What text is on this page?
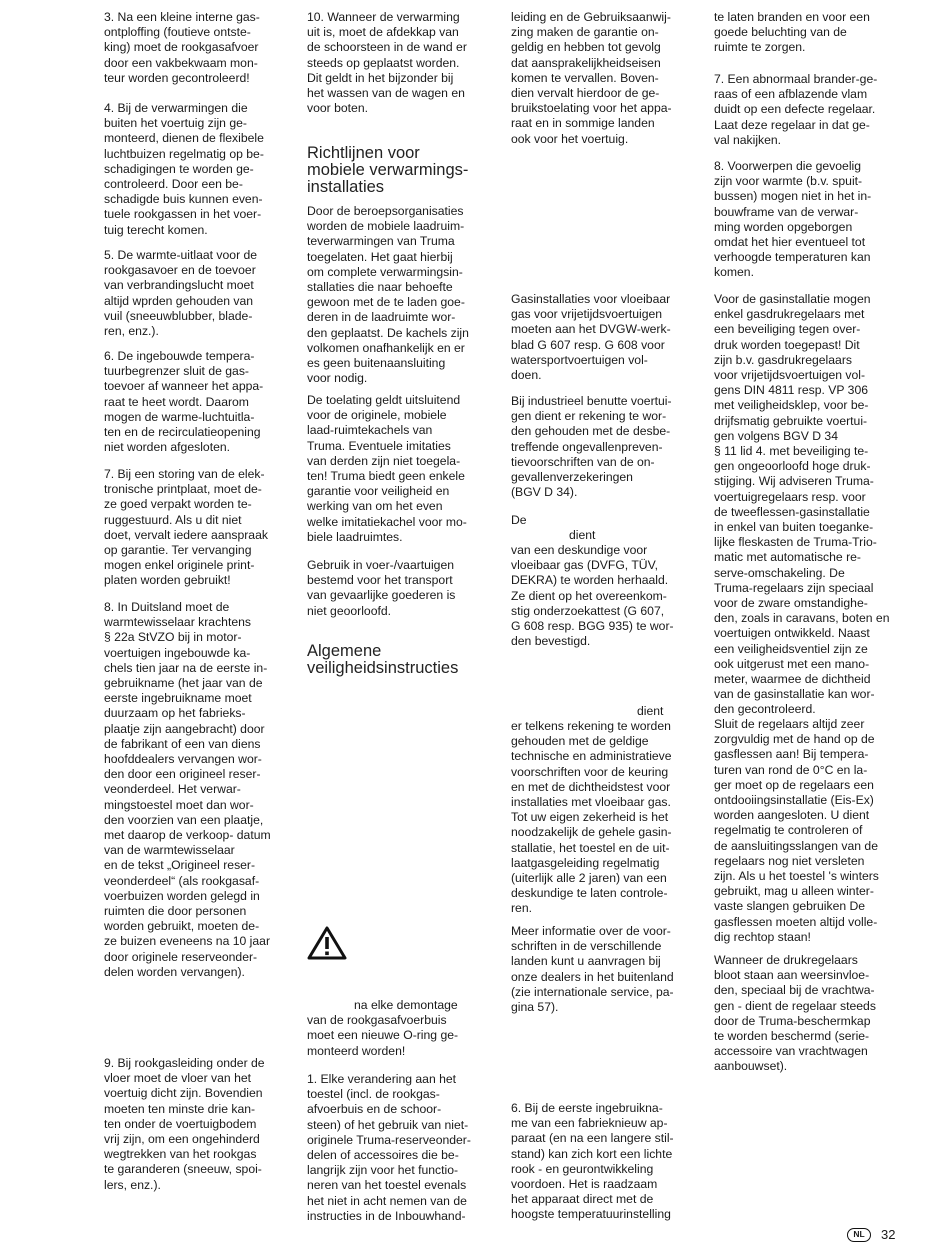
3. Na een kleine interne gas-
ontploffing (foutieve ontste-
king) moet de rookgasafvoer
door een vakbekwaam mon-
teur worden gecontroleerd!

4. Bij de verwarmingen die
buiten het voertuig zijn ge-
monteerd, dienen de flexibele
luchtbuizen regelmatig op be-
schadigingen te worden ge-
controleerd. Door een be-
schadigde buis kunnen even-
tuele rookgassen in het voer-
tuig terecht komen.

5. De warmte-uitlaat voor de
rookgasavoer en de toevoer
van verbrandingslucht moet
altijd wprden gehouden van
vuil (sneeuwblubber, blade-
ren, enz.).

6. De ingebouwde tempera-
tuurbegrenzer sluit de gas-
toevoer af wanneer het appa-
raat te heet wordt. Daarom
mogen de warme-luchtuitla-
ten en de recirculatieopening
niet worden afgesloten.

7. Bij een storing van de elek-
tronische printplaat, moet de-
ze goed verpakt worden te-
ruggestuurd. Als u dit niet
doet, vervalt iedere aanspraak
op garantie. Ter vervanging
mogen enkel originele print-
platen worden gebruikt!

8. In Duitsland moet de
warmtewisselaar krachtens
§ 22a StVZO bij in motor-
voertuigen ingebouwde ka-
chels tien jaar na de eerste in-
gebruikname (het jaar van de
eerste ingebruikname moet
duurzaam op het fabrieks-
plaatje zijn aangebracht) door
de fabrikant of een van diens
hoofddealers vervangen wor-
den door een origineel reser-
veonderdeel. Het verwar-
mingstoestel moet dan wor-
den voorzien van een plaatje,
met daarop de verkoop- datum
van de warmtewisselaar
en de tekst „Origineel reser-
veonderdeel“ (als rookgasaf-
voerbuizen worden gelegd in
ruimten die door personen
worden gebruikt, moeten de-
ze buizen eveneens na 10 jaar
door originele reserveonder-
delen worden vervangen).

9. Bij rookgasleiding onder de
vloer moet de vloer van het
voertuig dicht zijn. Bovendien
moeten ten minste drie kan-
ten onder de voertuigbodem
vrij zijn, om een ongehinderd
wegtrekken van het rookgas
te garanderen (sneeuw, spoi-
lers, enz.).

10. Wanneer de verwarming
uit is, moet de afdekkap van
de schoorsteen in de wand er
steeds op geplaatst worden.
Dit geldt in het bijzonder bij
het wassen van de wagen en
voor boten.

Richtlijnen voor
mobiele verwarmings-
installaties

Door de beroepsorganisaties
worden de mobiele laadruim-
teverwarmingen van Truma
toegelaten. Het gaat hierbij
om complete verwarmingsin-
stallaties die naar behoefte
gewoon met de te laden goe-
deren in de laadruimte wor-
den geplaatst. De kachels zijn
volkomen onafhankelijk en er
es geen buitenaansluiting
voor nodig.

De toelating geldt uitsluitend
voor de originele, mobiele
laad-ruimtekachels van
Truma. Eventuele imitaties
van derden zijn niet toegela-
ten! Truma biedt geen enkele
garantie voor veiligheid en
werking van om het even
welke imitatiekachel voor mo-
biele laadruimtes.

Gebruik in voer-/vaartuigen
bestemd voor het transport
van gevaarlijke goederen is
niet geoorloofd.

Algemene
veiligheidsinstructies

na elke demontage
van de rookgasafvoerbuis
moet een nieuwe O-ring ge-
monteerd worden!

1. Elke verandering aan het
toestel (incl. de rookgas-
afvoerbuis en de schoor-
steen) of het gebruik van niet-
originele Truma-reserveonder-
delen of accessoires die be-
langrijk zijn voor het functio-
neren van het toestel evenals
het niet in acht nemen van de
instructies in de Inbouwhand-

leiding en de Gebruiksaanwij-
zing maken de garantie on-
geldig en hebben tot gevolg
dat aansprakelijkheidseisen
komen te vervallen. Boven-
dien vervalt hierdoor de ge-
bruikstoelating voor het appa-
raat en in sommige landen
ook voor het voertuig.

Gasinstallaties voor vloeibaar
gas voor vrijetijdsvoertuigen
moeten aan het DVGW-werk-
blad G 607 resp. G 608 voor
watersportvoertuigen vol-
doen.

Bij industrieel benutte voertui-
gen dient er rekening te wor-
den gehouden met de desbe-
treffende ongevallenpreven-
tievoorschriften van de on-
gevallenverzekeringen
(BGV D 34).

De

dient

van een deskundige voor
vloeibaar gas (DVFG, TÜV,
DEKRA) te worden herhaald.
Ze dient op het overeenkom-
stig onderzoekattest (G 607,
G 608 resp. BGG 935) te wor-
den bevestigd.

dient

er telkens rekening te worden
gehouden met de geldige
technische en administratieve
voorschriften voor de keuring
en met de dichtheidstest voor
installaties met vloeibaar gas.
Tot uw eigen zekerheid is het
noodzakelijk de gehele gasin-
stallatie, het toestel en de uit-
laatgasgeleiding regelmatig
(uiterlijk alle 2 jaren) van een
deskundige te laten controle-
ren.

Meer informatie over de voor-
schriften in de verschillende
landen kunt u aanvragen bij
onze dealers in het buitenland
(zie internationale service, pa-
gina 57).

6. Bij de eerste ingebruikna-
me van een fabrieknieuw ap-
paraat (en na een langere stil-
stand) kan zich kort een lichte
rook - en geurontwikkeling
voordoen. Het is raadzaam
het apparaat direct met de
hoogste temperatuurinstelling

te laten branden en voor een
goede beluchting van de
ruimte te zorgen.

7. Een abnormaal brander-ge-
raas of een afblazende vlam
duidt op een defecte regelaar.
Laat deze regelaar in dat ge-
val nakijken.

8. Voorwerpen die gevoelig
zijn voor warmte (b.v. spuit-
bussen) mogen niet in het in-
bouwframe van de verwar-
ming worden opgeborgen
omdat het hier eventueel tot
verhoogde temperaturen kan
komen.

Voor de gasinstallatie mogen
enkel gasdrukregelaars met
een beveiliging tegen over-
druk worden toegepast! Dit
zijn b.v. gasdrukregelaars
voor vrijetijdsvoertuigen vol-
gens DIN 4811 resp. VP 306
met veiligheidsklep, voor be-
drijfsmatig gebruikte voertui-
gen volgens BGV D 34
§ 11 lid 4. met beveiliging te-
gen ongeoorloofd hoge druk-
stijging. Wij adviseren Truma-
voertuigregelaars resp. voor
de tweeflessen-gasinstallatie
in enkel van buiten toeganke-
lijke fleskasten de Truma-Trio-
matic met automatische re-
serve-omschakeling. De
Truma-regelaars zijn speciaal
voor de zware omstandighe-
den, zoals in caravans, boten en
voertuigen ontwikkeld. Naast
een veiligheidsventiel zijn ze
ook uitgerust met een mano-
meter, waarmee de dichtheid
van de gasinstallatie kan wor-
den gecontroleerd.

Sluit de regelaars altijd zeer
zorgvuldig met de hand op de
gasflessen aan! Bij tempera-
turen van rond de 0°C en la-
ger moet op de regelaars een
ontdooiingsinstallatie (Eis-Ex)
worden aangesloten. U dient
regelmatig te controleren of
de aansluitingsslangen van de
regelaars nog niet versleten
zijn. Als u het toestel 's winters
gebruikt, mag u alleen winter-
vaste slangen gebruiken De
gasflessen moeten altijd volle-
dig rechtop staan!

Wanneer de drukregelaars
bloot staan aan weersinvloe-
den, speciaal bij de vrachtwa-
gen - dient de regelaar steeds
door de Truma-beschermkap
te worden beschermd (serie-
accessoire van vrachtwagen
aanbouwset).

NL	32
